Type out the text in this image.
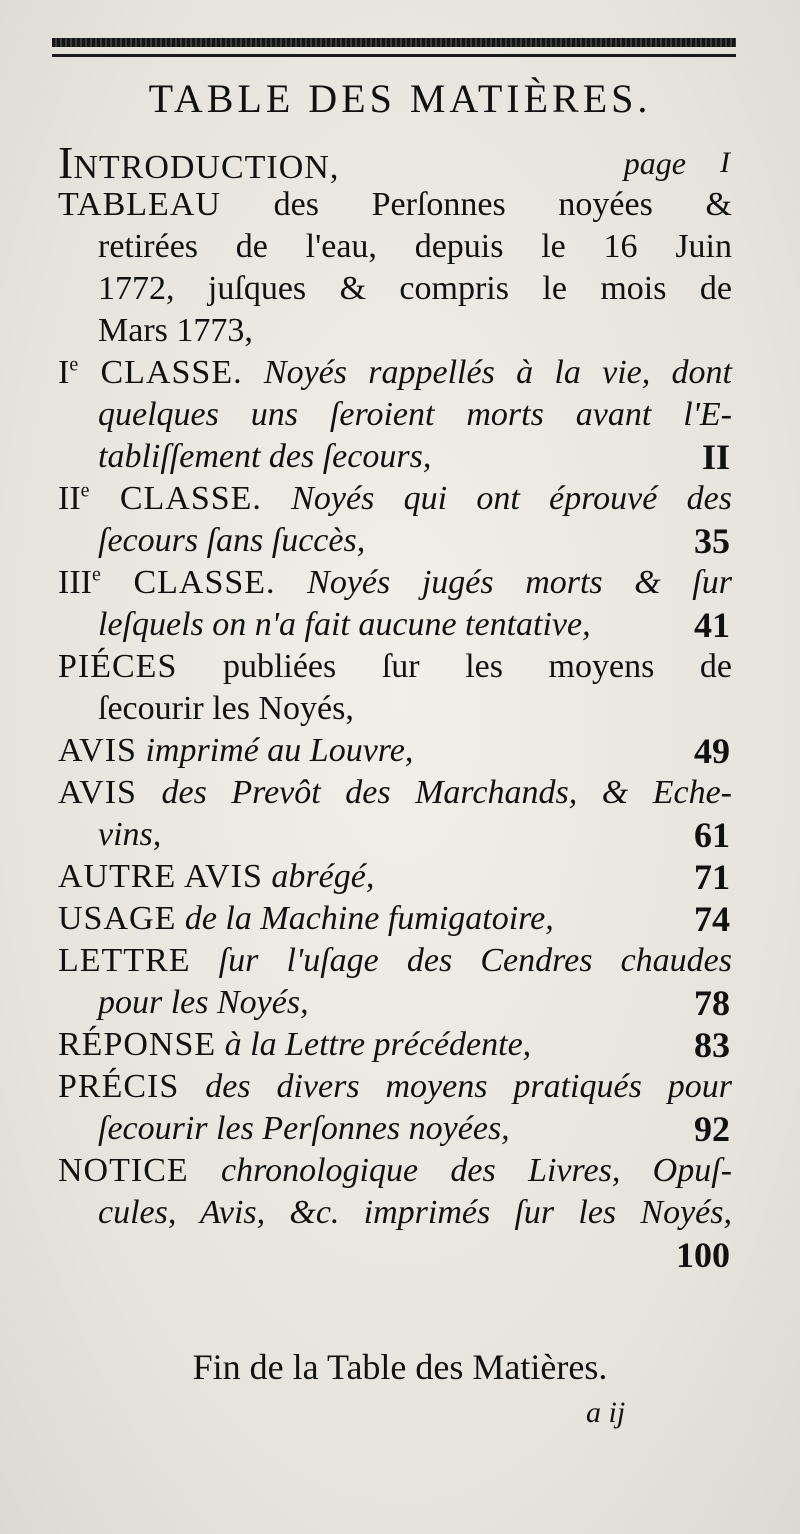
TABLE DES MATIÈRES.
INTRODUCTION,	page I
TABLEAU des Perſonnes noyées &
retirées de l'eau, depuis le 16 Juin
1772, juſques & compris le mois de
Mars 1773,
Ie CLASSE. Noyés rappellés à la vie, dont
quelques uns ſeroient morts avant l'E-
tabliſſement des ſecours,	II
IIe CLASSE. Noyés qui ont éprouvé des
ſecours ſans ſuccès,	35
IIIe CLASSE. Noyés jugés morts & ſur
leſquels on n'a fait aucune tentative,	41
PIÉCES publiées ſur les moyens de
ſecourir les Noyés,
AVIS imprimé au Louvre,	49
AVIS des Prevôt des Marchands, & Eche-
vins,	61
AUTRE AVIS abrégé,	71
USAGE de la Machine fumigatoire,	74
LETTRE ſur l'uſage des Cendres chaudes
pour les Noyés,	78
RÉPONSE à la Lettre précédente,	83
PRÉCIS des divers moyens pratiqués pour
ſecourir les Perſonnes noyées,	92
NOTICE chronologique des Livres, Opuſ-
cules, Avis, &c. imprimés ſur les Noyés,
100
Fin de la Table des Matières.
a ij
